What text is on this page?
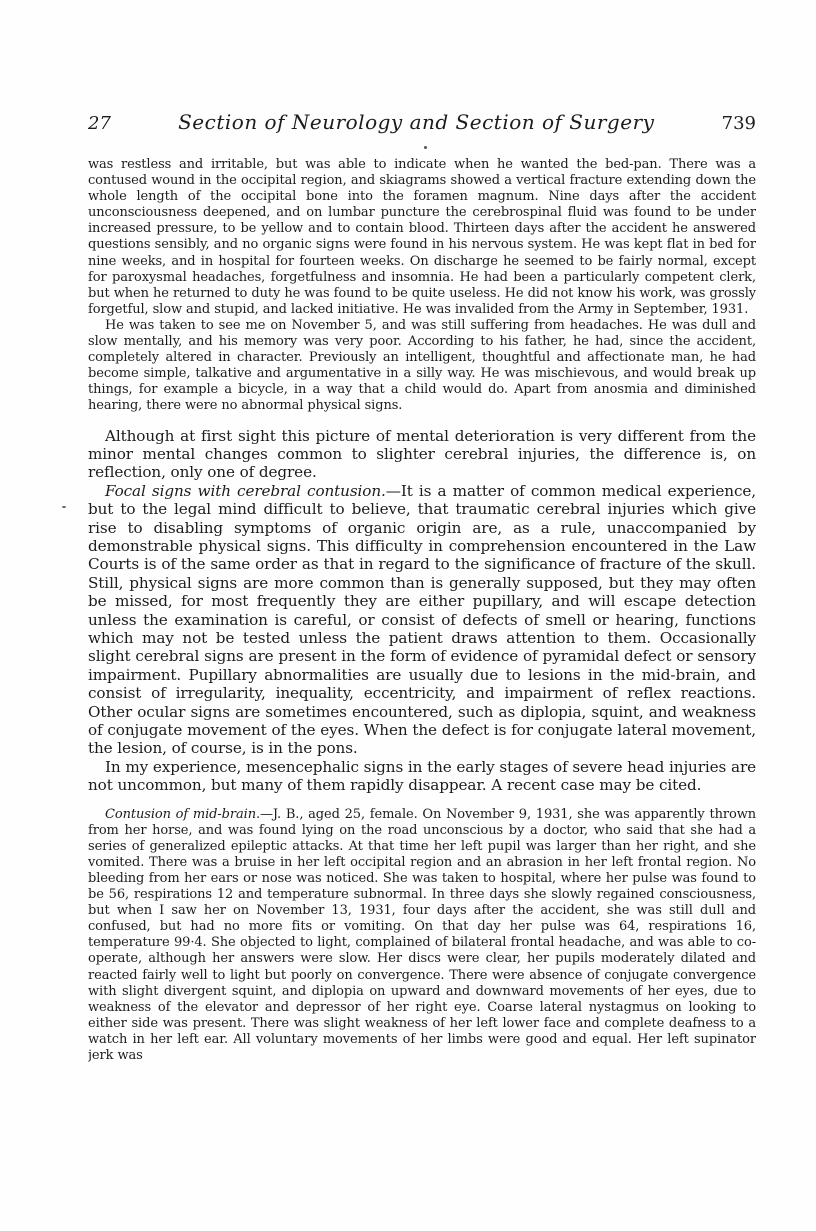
27	Section of Neurology and Section of Surgery	739

was restless and irritable, but was able to indicate when he wanted the bed-pan. There was a contused wound in the occipital region, and skiagrams showed a vertical fracture extending down the whole length of the occipital bone into the foramen magnum. Nine days after the accident unconsciousness deepened, and on lumbar puncture the cerebrospinal fluid was found to be under increased pressure, to be yellow and to contain blood. Thirteen days after the accident he answered questions sensibly, and no organic signs were found in his nervous system. He was kept flat in bed for nine weeks, and in hospital for fourteen weeks. On discharge he seemed to be fairly normal, except for paroxysmal headaches, forgetfulness and insomnia. He had been a particularly competent clerk, but when he returned to duty he was found to be quite useless. He did not know his work, was grossly forgetful, slow and stupid, and lacked initiative. He was invalided from the Army in September, 1931.

He was taken to see me on November 5, and was still suffering from headaches. He was dull and slow mentally, and his memory was very poor. According to his father, he had, since the accident, completely altered in character. Previously an intelligent, thoughtful and affectionate man, he had become simple, talkative and argumentative in a silly way. He was mischievous, and would break up things, for example a bicycle, in a way that a child would do. Apart from anosmia and diminished hearing, there were no abnormal physical signs.

Although at first sight this picture of mental deterioration is very different from the minor mental changes common to slighter cerebral injuries, the difference is, on reflection, only one of degree.

Focal signs with cerebral contusion.—It is a matter of common medical experience, but to the legal mind difficult to believe, that traumatic cerebral injuries which give rise to disabling symptoms of organic origin are, as a rule, unaccompanied by demonstrable physical signs. This difficulty in comprehension encountered in the Law Courts is of the same order as that in regard to the significance of fracture of the skull. Still, physical signs are more common than is generally supposed, but they may often be missed, for most frequently they are either pupillary, and will escape detection unless the examination is careful, or consist of defects of smell or hearing, functions which may not be tested unless the patient draws attention to them. Occasionally slight cerebral signs are present in the form of evidence of pyramidal defect or sensory impairment. Pupillary abnormalities are usually due to lesions in the mid-brain, and consist of irregularity, inequality, eccentricity, and impairment of reflex reactions. Other ocular signs are sometimes encountered, such as diplopia, squint, and weakness of conjugate movement of the eyes. When the defect is for conjugate lateral movement, the lesion, of course, is in the pons.

In my experience, mesencephalic signs in the early stages of severe head injuries are not uncommon, but many of them rapidly disappear. A recent case may be cited.

Contusion of mid-brain.—J. B., aged 25, female. On November 9, 1931, she was apparently thrown from her horse, and was found lying on the road unconscious by a doctor, who said that she had a series of generalized epileptic attacks. At that time her left pupil was larger than her right, and she vomited. There was a bruise in her left occipital region and an abrasion in her left frontal region. No bleeding from her ears or nose was noticed. She was taken to hospital, where her pulse was found to be 56, respirations 12 and temperature subnormal. In three days she slowly regained consciousness, but when I saw her on November 13, 1931, four days after the accident, she was still dull and confused, but had no more fits or vomiting. On that day her pulse was 64, respirations 16, temperature 99·4. She objected to light, complained of bilateral frontal headache, and was able to co-operate, although her answers were slow. Her discs were clear, her pupils moderately dilated and reacted fairly well to light but poorly on convergence. There were absence of conjugate convergence with slight divergent squint, and diplopia on upward and downward movements of her eyes, due to weakness of the elevator and depressor of her right eye. Coarse lateral nystagmus on looking to either side was present. There was slight weakness of her left lower face and complete deafness to a watch in her left ear. All voluntary movements of her limbs were good and equal. Her left supinator jerk was
